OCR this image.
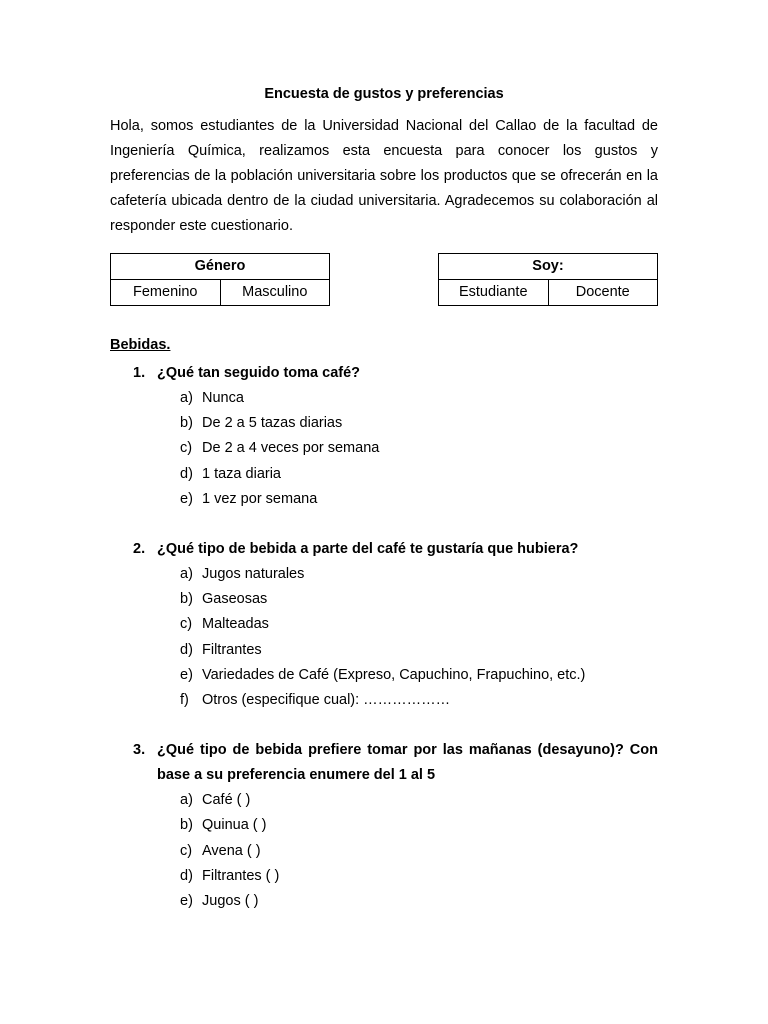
Encuesta de gustos y preferencias

Hola, somos estudiantes de la Universidad Nacional del Callao de la facultad de Ingeniería Química, realizamos esta encuesta para conocer los gustos y preferencias de la población universitaria sobre los productos que se ofrecerán en la cafetería ubicada dentro de la ciudad universitaria. Agradecemos su colaboración al responder este cuestionario.

Género
Femenino	Masculino
Soy:
Estudiante	Docente
Bebidas.
1. ¿Qué tan seguido toma café?
a) Nunca
b) De 2 a 5 tazas diarias
c) De 2 a 4 veces por semana
d) 1 taza diaria
e) 1 vez por semana
2. ¿Qué tipo de bebida a parte del café te gustaría que hubiera?
a) Jugos naturales
b) Gaseosas
c) Malteadas
d) Filtrantes
e) Variedades de Café (Expreso, Capuchino, Frapuchino, etc.)
f) Otros (especifique cual): ………………
3. ¿Qué tipo de bebida prefiere tomar por las mañanas (desayuno)? Con base a su preferencia enumere del 1 al 5
a) Café ( )
b) Quinua ( )
c) Avena ( )
d) Filtrantes ( )
e) Jugos ( )
